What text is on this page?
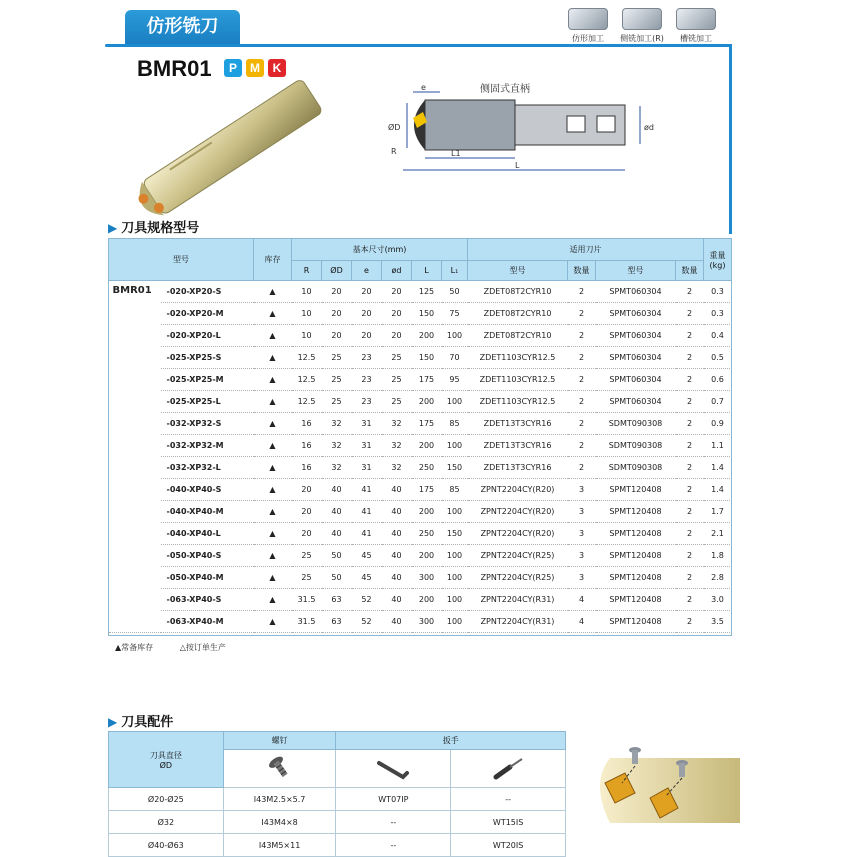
仿形铣刀
仿形加工	侧铣加工(R)	槽铣加工
BMR01	P	M	K
侧固式直柄
e
ØD	ød
L1
L
R
▶ 刀具规格型号
型号		库存	基本尺寸(mm)						适用刀片				重量
(kg)
			R	ØD	e	ød	L	L₁	型号	数量	型号	数量	
BMR01	-020-XP20-S	▲	10	20	20	20	125	50	ZDET08T2CYR10	2	SPMT060304	2	0.3
	-020-XP20-M	▲	10	20	20	20	150	75	ZDET08T2CYR10	2	SPMT060304	2	0.3
	-020-XP20-L	▲	10	20	20	20	200	100	ZDET08T2CYR10	2	SPMT060304	2	0.4
	-025-XP25-S	▲	12.5	25	23	25	150	70	ZDET1103CYR12.5	2	SPMT060304	2	0.5
	-025-XP25-M	▲	12.5	25	23	25	175	95	ZDET1103CYR12.5	2	SPMT060304	2	0.6
	-025-XP25-L	▲	12.5	25	23	25	200	100	ZDET1103CYR12.5	2	SPMT060304	2	0.7
	-032-XP32-S	▲	16	32	31	32	175	85	ZDET13T3CYR16	2	SDMT090308	2	0.9
	-032-XP32-M	▲	16	32	31	32	200	100	ZDET13T3CYR16	2	SDMT090308	2	1.1
	-032-XP32-L	▲	16	32	31	32	250	150	ZDET13T3CYR16	2	SDMT090308	2	1.4
	-040-XP40-S	▲	20	40	41	40	175	85	ZPNT2204CY(R20)	3	SPMT120408	2	1.4
	-040-XP40-M	▲	20	40	41	40	200	100	ZPNT2204CY(R20)	3	SPMT120408	2	1.7
	-040-XP40-L	▲	20	40	41	40	250	150	ZPNT2204CY(R20)	3	SPMT120408	2	2.1
	-050-XP40-S	▲	25	50	45	40	200	100	ZPNT2204CY(R25)	3	SPMT120408	2	1.8
	-050-XP40-M	▲	25	50	45	40	300	100	ZPNT2204CY(R25)	3	SPMT120408	2	2.8
	-063-XP40-S	▲	31.5	63	52	40	200	100	ZPNT2204CY(R31)	4	SPMT120408	2	3.0
	-063-XP40-M	▲	31.5	63	52	40	300	100	ZPNT2204CY(R31)	4	SPMT120408	2	3.5
▲常备库存	△按订单生产
▶ 刀具配件
刀具直径
ØD	螺钉	扳手	

Ø20-Ø25	I43M2.5×5.7	WT07IP	--
Ø32	I43M4×8	--	WT15IS
Ø40-Ø63	I43M5×11	--	WT20IS
